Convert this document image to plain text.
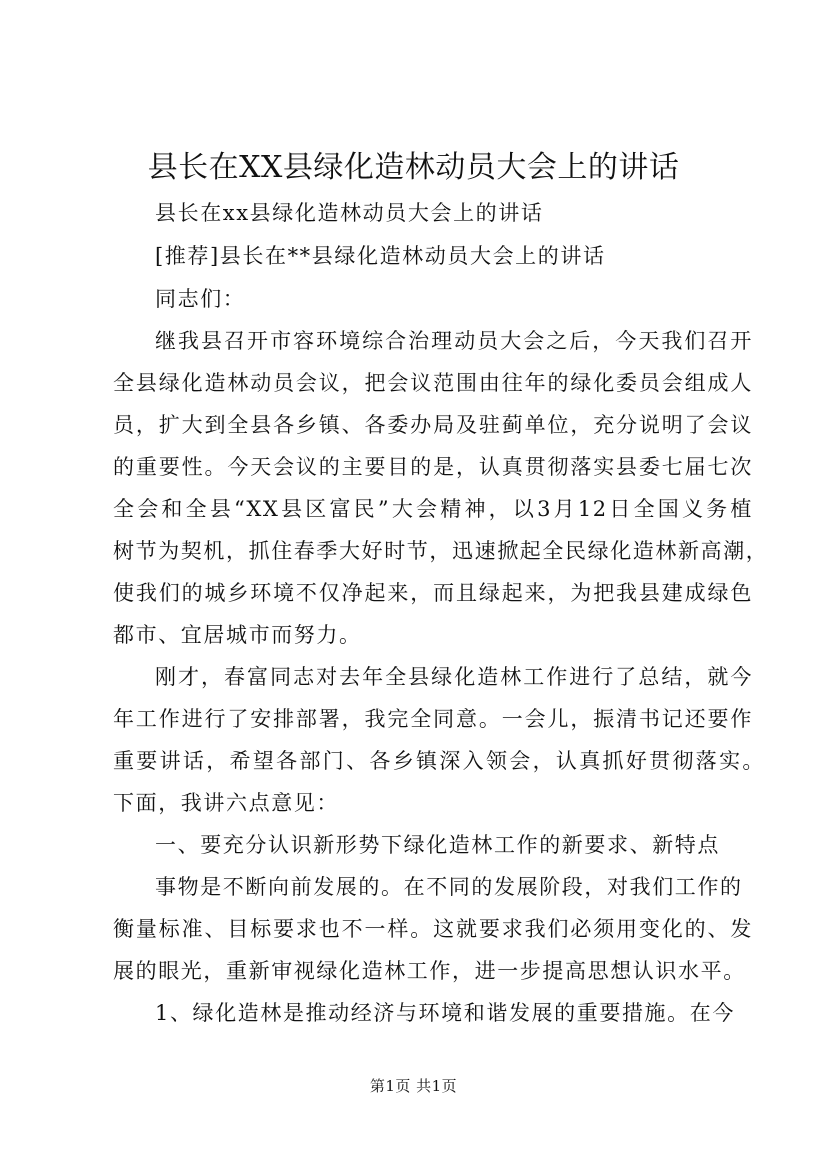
县长在XX县绿化造林动员大会上的讲话
县长在xx县绿化造林动员大会上的讲话
[推荐]县长在**县绿化造林动员大会上的讲话
同志们：
继我县召开市容环境综合治理动员大会之后，今天我们召开
全县绿化造林动员会议，把会议范围由往年的绿化委员会组成人
员，扩大到全县各乡镇、各委办局及驻蓟单位，充分说明了会议
的重要性。今天会议的主要目的是，认真贯彻落实县委七届七次
全会和全县“XX县区富民”大会精神，以3月12日全国义务植
树节为契机，抓住春季大好时节，迅速掀起全民绿化造林新高潮，
使我们的城乡环境不仅净起来，而且绿起来，为把我县建成绿色
都市、宜居城市而努力。
刚才，春富同志对去年全县绿化造林工作进行了总结，就今
年工作进行了安排部署，我完全同意。一会儿，振清书记还要作
重要讲话，希望各部门、各乡镇深入领会，认真抓好贯彻落实。
下面，我讲六点意见：
一、要充分认识新形势下绿化造林工作的新要求、新特点
事物是不断向前发展的。在不同的发展阶段，对我们工作的
衡量标准、目标要求也不一样。这就要求我们必须用变化的、发
展的眼光，重新审视绿化造林工作，进一步提高思想认识水平。
1、绿化造林是推动经济与环境和谐发展的重要措施。在今
第1页 共1页
